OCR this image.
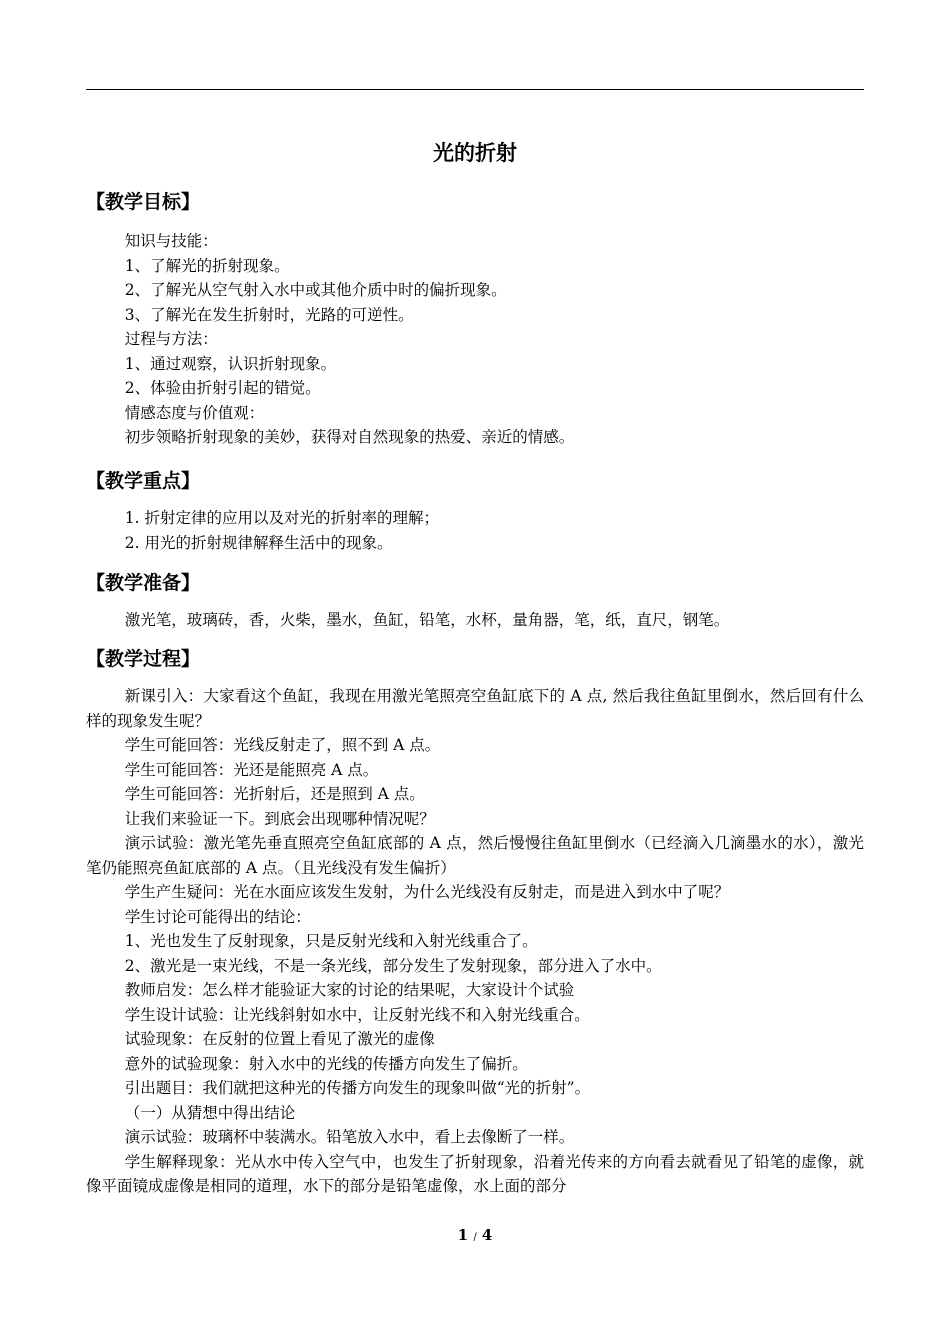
光的折射
【教学目标】

知识与技能：

1、了解光的折射现象。

2、了解光从空气射入水中或其他介质中时的偏折现象。

3、了解光在发生折射时，光路的可逆性。

过程与方法：

1、通过观察，认识折射现象。

2、体验由折射引起的错觉。

情感态度与价值观：

初步领略折射现象的美妙，获得对自然现象的热爱、亲近的情感。

【教学重点】

1. 折射定律的应用以及对光的折射率的理解；

2. 用光的折射规律解释生活中的现象。

【教学准备】

激光笔，玻璃砖，香，火柴，墨水，鱼缸，铅笔，水杯，量角器，笔，纸，直尺，钢笔。

【教学过程】

新课引入：大家看这个鱼缸，我现在用激光笔照亮空鱼缸底下的 A 点, 然后我往鱼缸里倒水，然后回有什么样的现象发生呢？

学生可能回答：光线反射走了，照不到 A 点。

学生可能回答：光还是能照亮 A 点。

学生可能回答：光折射后，还是照到 A 点。

让我们来验证一下。到底会出现哪种情况呢？

演示试验：激光笔先垂直照亮空鱼缸底部的 A 点，然后慢慢往鱼缸里倒水（已经滴入几滴墨水的水），激光笔仍能照亮鱼缸底部的 A 点。（且光线没有发生偏折）

学生产生疑问：光在水面应该发生发射，为什么光线没有反射走，而是进入到水中了呢？

学生讨论可能得出的结论：

1、光也发生了反射现象，只是反射光线和入射光线重合了。

2、激光是一束光线，不是一条光线，部分发生了发射现象，部分进入了水中。

教师启发：怎么样才能验证大家的讨论的结果呢，大家设计个试验

学生设计试验：让光线斜射如水中，让反射光线不和入射光线重合。

试验现象：在反射的位置上看见了激光的虚像

意外的试验现象：射入水中的光线的传播方向发生了偏折。

引出题目：我们就把这种光的传播方向发生的现象叫做“光的折射”。

（一）从猜想中得出结论

演示试验：玻璃杯中装满水。铅笔放入水中，看上去像断了一样。

学生解释现象：光从水中传入空气中，也发生了折射现象，沿着光传来的方向看去就看见了铅笔的虚像，就像平面镜成虚像是相同的道理，水下的部分是铅笔虚像，水上面的部分

1 / 4
